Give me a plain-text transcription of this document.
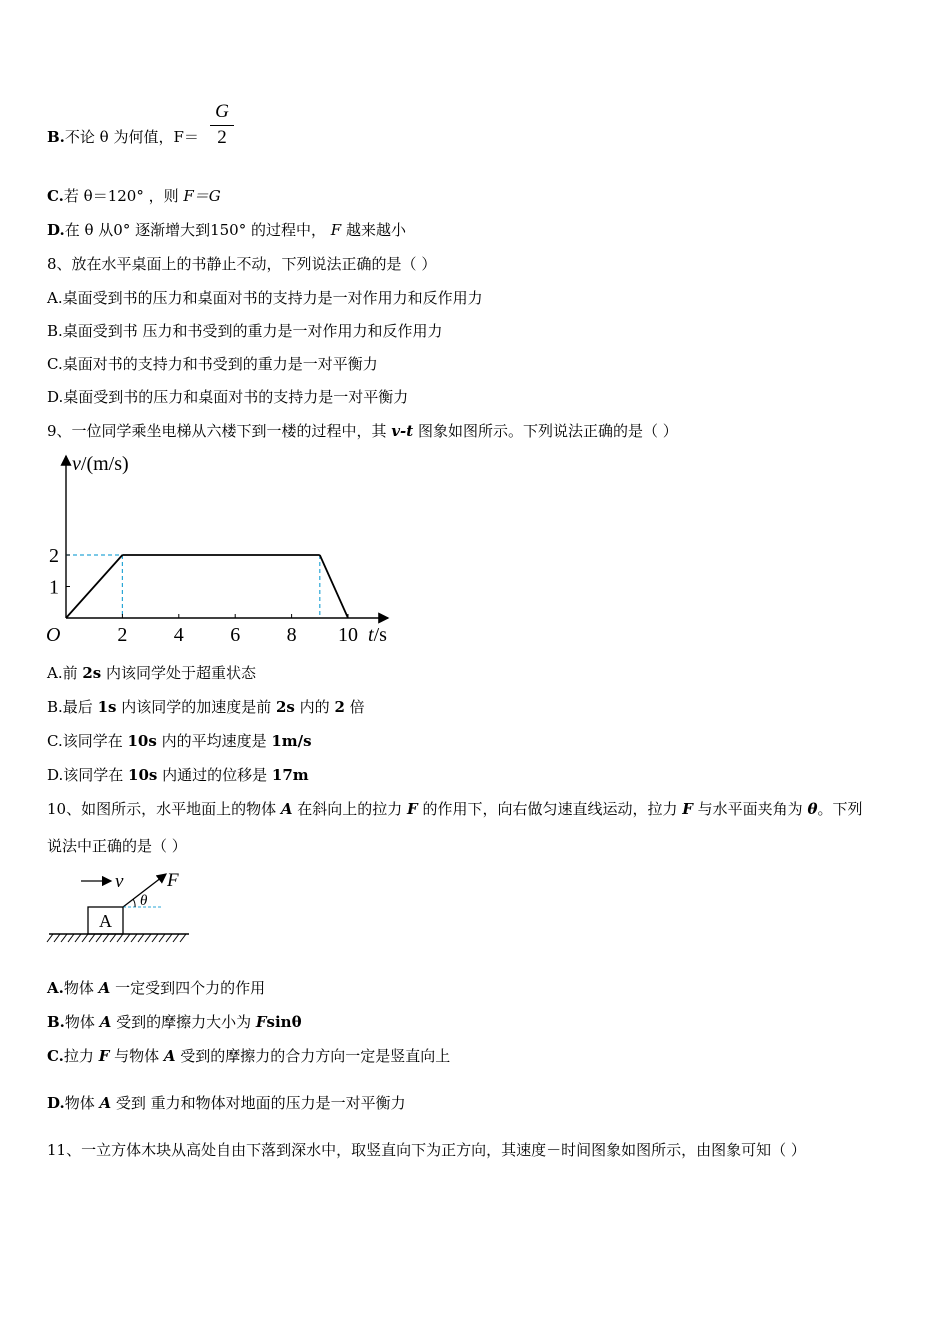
B.不论 θ 为何值，F＝
G
2
C.若 θ＝120° ，则 F＝G
D.在 θ 从0° 逐渐增大到150° 的过程中， F 越来越小
8、放在水平桌面上的书静止不动，下列说法正确的是（ ）
A.桌面受到书的压力和桌面对书的支持力是一对作用力和反作用力
B.桌面受到书 压力和书受到的重力是一对作用力和反作用力
C.桌面对书的支持力和书受到的重力是一对平衡力
D.桌面受到书的压力和桌面对书的支持力是一对平衡力
9、一位同学乘坐电梯从六楼下到一楼的过程中，其 v-t 图象如图所示。下列说法正确的是（ ）
v/(m/s)
t/s
O	2 4 6 8 10
1
2
A.前 2s 内该同学处于超重状态
B.最后 1s 内该同学的加速度是前 2s 内的 2 倍
C.该同学在 10s 内的平均速度是 1m/s
D.该同学在 10s 内通过的位移是 17m
10、如图所示，水平地面上的物体 A 在斜向上的拉力 F 的作用下，向右做匀速直线运动，拉力 F 与水平面夹角为 θ。下列
说法中正确的是（ ）
v F
θ
A
A.物体 A 一定受到四个力的作用
B.物体 A 受到的摩擦力大小为 Fsinθ
C.拉力 F 与物体 A 受到的摩擦力的合力方向一定是竖直向上
D.物体 A 受到 重力和物体对地面的压力是一对平衡力
11、一立方体木块从高处自由下落到深水中，取竖直向下为正方向，其速度－时间图象如图所示，由图象可知（ ）
